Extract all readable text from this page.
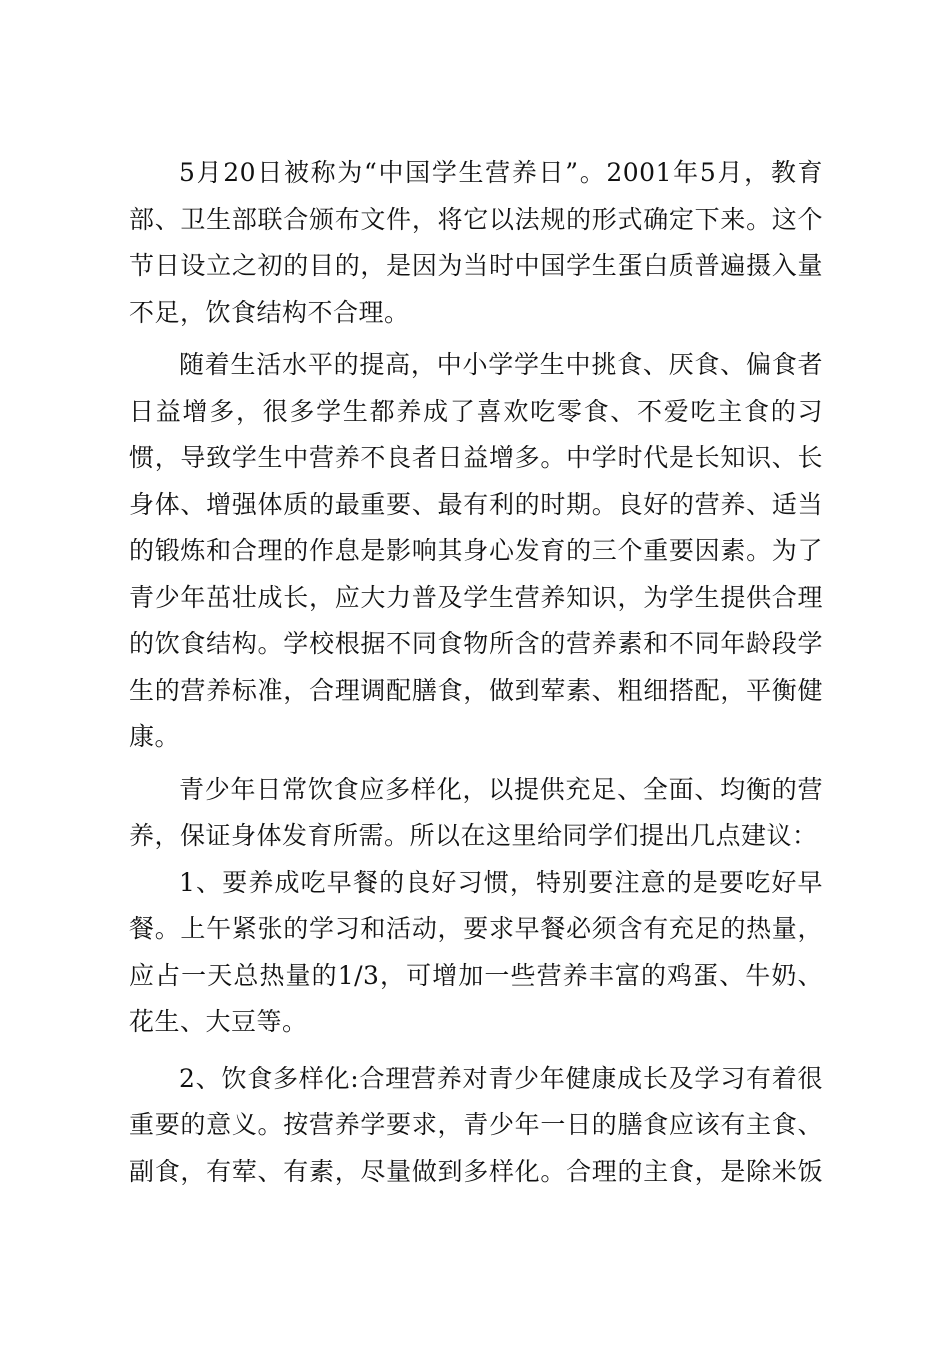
5月20日被称为“中国学生营养日”。2001年5月，教育
部、卫生部联合颁布文件，将它以法规的形式确定下来。这个
节日设立之初的目的，是因为当时中国学生蛋白质普遍摄入量
不足，饮食结构不合理。
随着生活水平的提高，中小学学生中挑食、厌食、偏食者
日益增多，很多学生都养成了喜欢吃零食、不爱吃主食的习
惯，导致学生中营养不良者日益增多。中学时代是长知识、长
身体、增强体质的最重要、最有利的时期。良好的营养、适当
的锻炼和合理的作息是影响其身心发育的三个重要因素。为了
青少年茁壮成长，应大力普及学生营养知识，为学生提供合理
的饮食结构。学校根据不同食物所含的营养素和不同年龄段学
生的营养标准，合理调配膳食，做到荤素、粗细搭配，平衡健
康。
青少年日常饮食应多样化，以提供充足、全面、均衡的营
养，保证身体发育所需。所以在这里给同学们提出几点建议：
1、要养成吃早餐的良好习惯，特别要注意的是要吃好早
餐。上午紧张的学习和活动，要求早餐必须含有充足的热量，
应占一天总热量的1/3，可增加一些营养丰富的鸡蛋、牛奶、
花生、大豆等。
2、饮食多样化:合理营养对青少年健康成长及学习有着很
重要的意义。按营养学要求，青少年一日的膳食应该有主食、
副食，有荤、有素，尽量做到多样化。合理的主食，是除米饭
